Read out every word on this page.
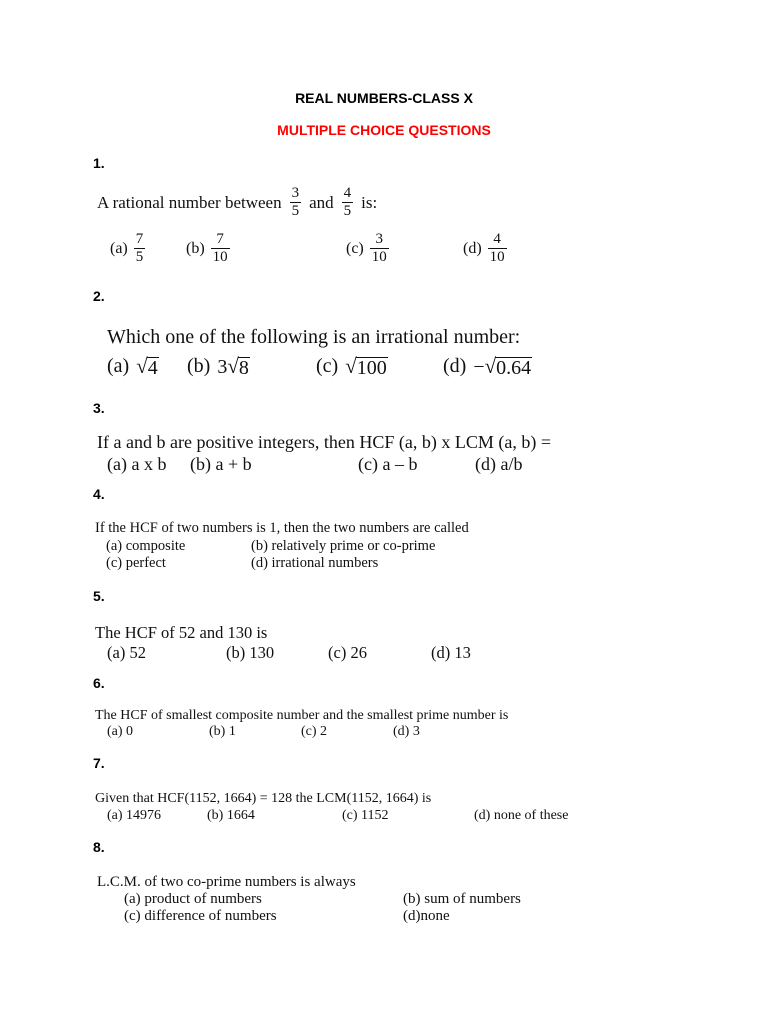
REAL NUMBERS-CLASS X
MULTIPLE CHOICE QUESTIONS
1.
A rational number between $\frac{3}{5}$ and $\frac{4}{5}$ is:
$(a) \frac{7}{5}$	$(b) \frac{7}{10}$	$(c) \frac{3}{10}$	$(d) \frac{4}{10}$
2.
Which one of the following is an irrational number:
(a) √ 4 (b) 3 √ 8	(c) √ 100	(d) − √ 0.64
3.
If a and b are positive integers, then HCF (a, b) x LCM (a, b) =
(a) a x b (b) a + b	(c) a – b	(d) a/b
4.
If the HCF of two numbers is 1, then the two numbers are called
(a) composite	(b) relatively prime or co-prime
(c) perfect	(d) irrational numbers
5.
The HCF of 52 and 130 is
(a) 52	(b) 130	(c) 26	(d) 13
6.
The HCF of smallest composite number and the smallest prime number is
(a) 0	(b) 1	(c) 2	(d) 3
7.
Given that HCF(1152, 1664) = 128 the LCM(1152, 1664) is
(a) 14976	(b) 1664	(c) 1152	(d) none of these
8.
L.C.M. of two co-prime numbers is always
(a) product of numbers	(b) sum of numbers
(c) difference of numbers	(d)none
